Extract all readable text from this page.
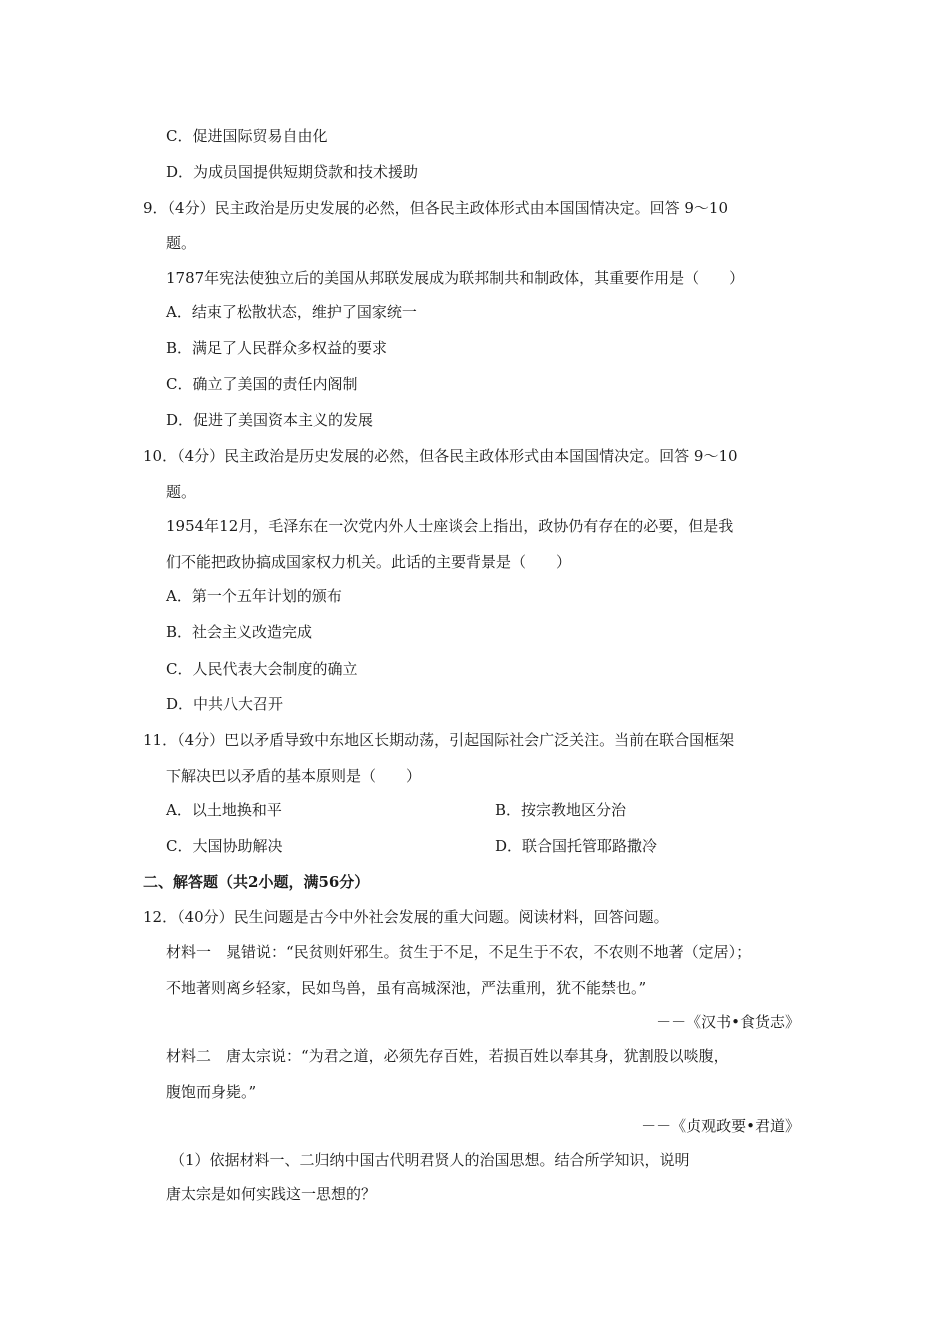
C．促进国际贸易自由化
D．为成员国提供短期贷款和技术援助
9．（4分）民主政治是历史发展的必然，但各民主政体形式由本国国情决定。回答 9～10
题。
1787年宪法使独立后的美国从邦联发展成为联邦制共和制政体，其重要作用是（　　）
A．结束了松散状态，维护了国家统一
B．满足了人民群众多权益的要求
C．确立了美国的责任内阁制
D．促进了美国资本主义的发展
10．（4分）民主政治是历史发展的必然，但各民主政体形式由本国国情决定。回答 9～10
题。
1954年12月，毛泽东在一次党内外人士座谈会上指出，政协仍有存在的必要，但是我
们不能把政协搞成国家权力机关。此话的主要背景是（　　）
A．第一个五年计划的颁布
B．社会主义改造完成
C．人民代表大会制度的确立
D．中共八大召开
11．（4分）巴以矛盾导致中东地区长期动荡，引起国际社会广泛关注。当前在联合国框架
下解决巴以矛盾的基本原则是（　　）
A．以土地换和平	B．按宗教地区分治
C．大国协助解决	D．联合国托管耶路撒冷
二、解答题（共2小题，满56分）
12．（40分）民生问题是古今中外社会发展的重大问题。阅读材料，回答问题。
材料一　晁错说：“民贫则奸邪生。贫生于不足，不足生于不农，不农则不地著（定居）；
不地著则离乡轻家，民如鸟兽，虽有高城深池，严法重刑，犹不能禁也。”
－－《汉书•食货志》
材料二　唐太宗说：“为君之道，必须先存百姓，若损百姓以奉其身，犹割股以啖腹，
腹饱而身毙。”
－－《贞观政要•君道》
（1）依据材料一、二归纳中国古代明君贤人的治国思想。结合所学知识，说明
唐太宗是如何实践这一思想的？
